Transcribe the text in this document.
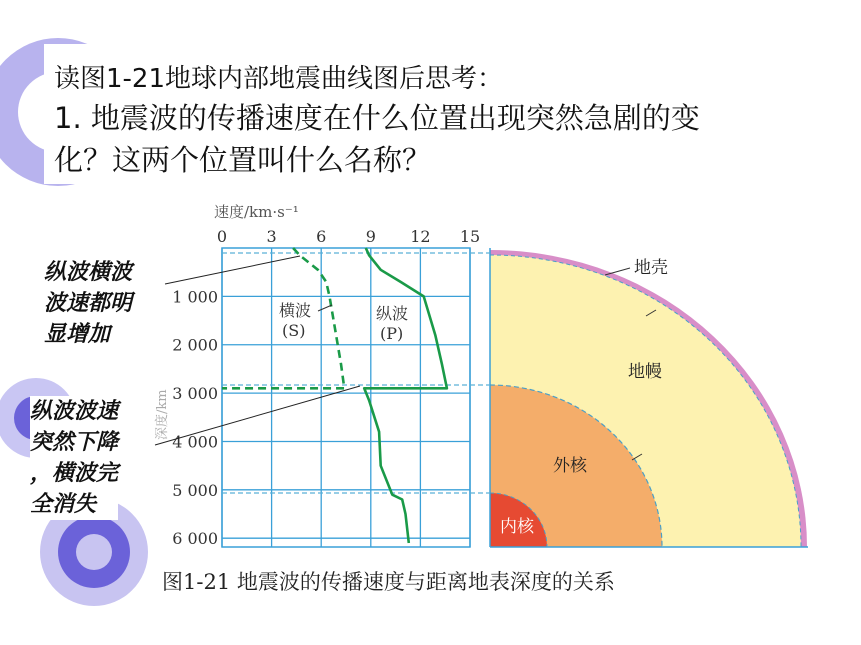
读图1-21地球内部地震曲线图后思考：
1. 地震波的传播速度在什么位置出现突然急剧的变
化？这两个位置叫什么名称？
地壳
地幔
外核
内核
速度/km·s⁻¹
0 3 6 9 12 15
1 000
2 000
3 000
4 000
5 000
6 000
深度/km
横波
(S)
纵波
(P)
纵波横波
波速都明
显增加
纵波波速
突然下降
，横波完
全消失
图1-21 地震波的传播速度与距离地表深度的关系
